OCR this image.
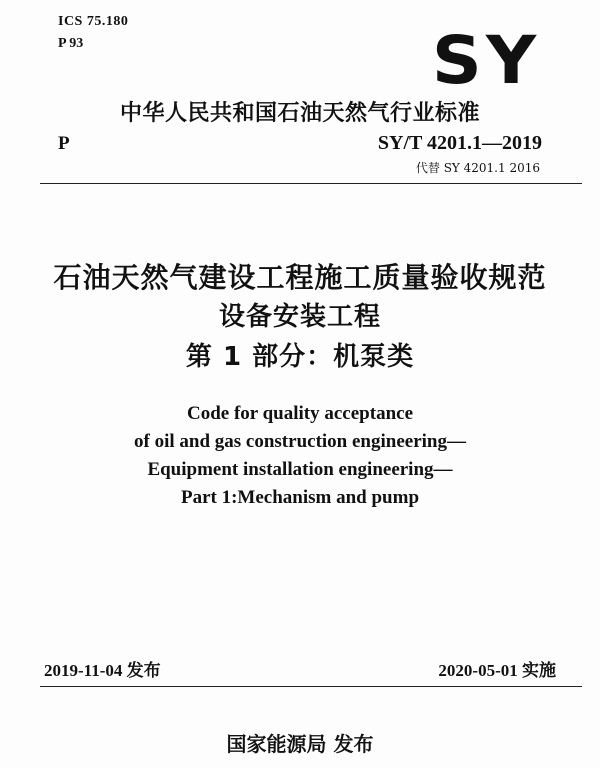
ICS 75.180
P 93	SY
中华人民共和国石油天然气行业标准
P	SY/T 4201.1—2019
代替 SY 4201.1 2016
石油天然气建设工程施工质量验收规范
设备安装工程
第 1 部分：机泵类
Code for quality acceptance
of oil and gas construction engineering—
Equipment installation engineering—
Part 1:Mechanism and pump
2019-11-04 发布	2020-05-01 实施
国家能源局 发布
